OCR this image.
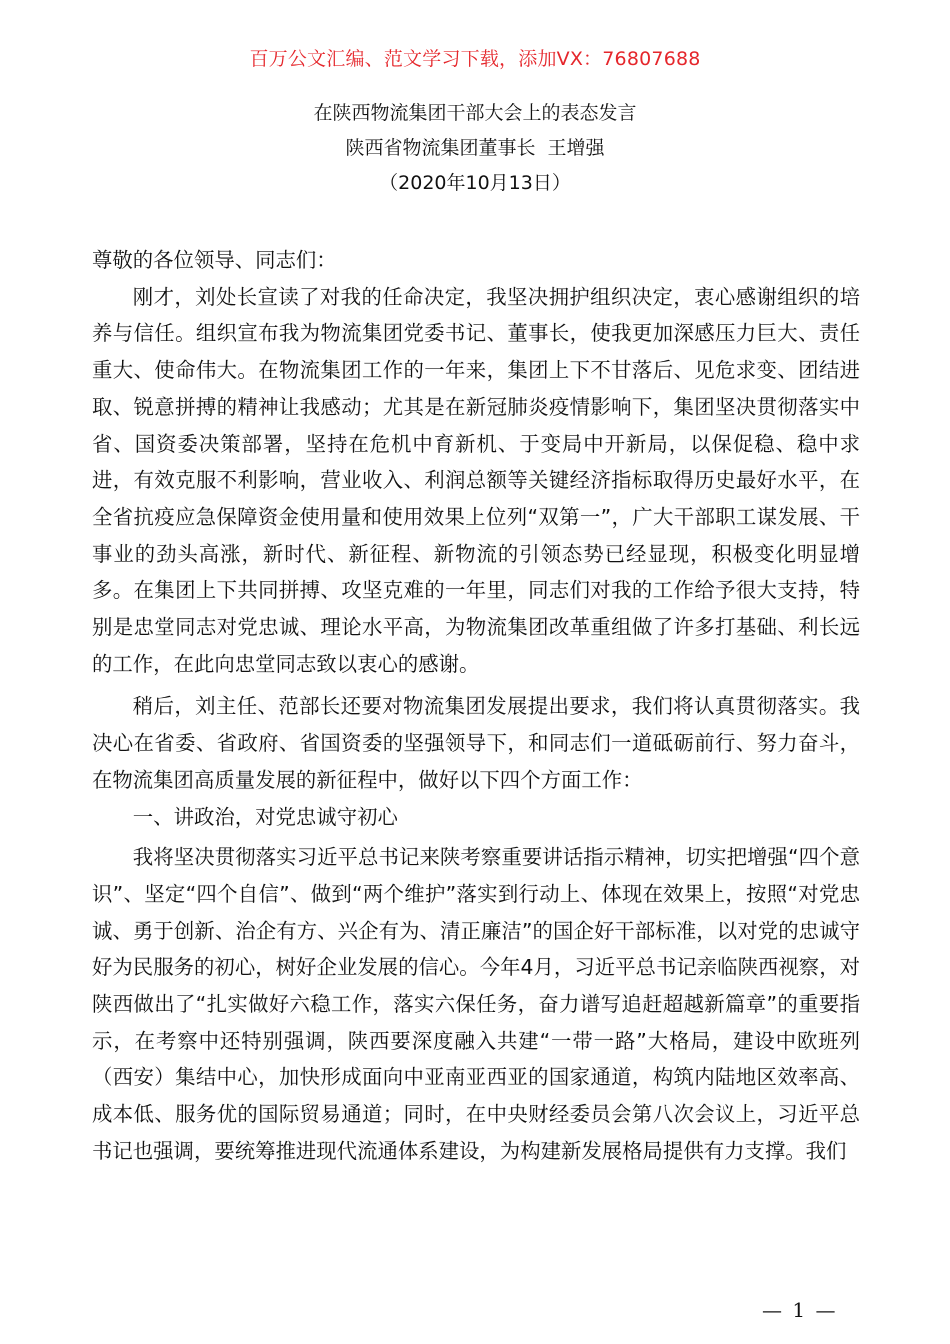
百万公文汇编、范文学习下载，添加VX：76807688
在陕西物流集团干部大会上的表态发言
陕西省物流集团董事长  王增强
（2020年10月13日）

尊敬的各位领导、同志们：

刚才，刘处长宣读了对我的任命决定，我坚决拥护组织决定，衷心感谢组织的培养与信任。组织宣布我为物流集团党委书记、董事长，使我更加深感压力巨大、责任重大、使命伟大。在物流集团工作的一年来，集团上下不甘落后、见危求变、团结进取、锐意拼搏的精神让我感动；尤其是在新冠肺炎疫情影响下，集团坚决贯彻落实中省、国资委决策部署，坚持在危机中育新机、于变局中开新局，以保促稳、稳中求进，有效克服不利影响，营业收入、利润总额等关键经济指标取得历史最好水平，在全省抗疫应急保障资金使用量和使用效果上位列“双第一”，广大干部职工谋发展、干事业的劲头高涨，新时代、新征程、新物流的引领态势已经显现，积极变化明显增多。在集团上下共同拼搏、攻坚克难的一年里，同志们对我的工作给予很大支持，特别是忠堂同志对党忠诚、理论水平高，为物流集团改革重组做了许多打基础、利长远的工作，在此向忠堂同志致以衷心的感谢。

稍后，刘主任、范部长还要对物流集团发展提出要求，我们将认真贯彻落实。我决心在省委、省政府、省国资委的坚强领导下，和同志们一道砥砺前行、努力奋斗，在物流集团高质量发展的新征程中，做好以下四个方面工作：

一、讲政治，对党忠诚守初心

我将坚决贯彻落实习近平总书记来陕考察重要讲话指示精神，切实把增强“四个意识”、坚定“四个自信”、做到“两个维护”落实到行动上、体现在效果上，按照“对党忠诚、勇于创新、治企有方、兴企有为、清正廉洁”的国企好干部标准，以对党的忠诚守好为民服务的初心，树好企业发展的信心。今年4月，习近平总书记亲临陕西视察，对陕西做出了“扎实做好六稳工作，落实六保任务，奋力谱写追赶超越新篇章”的重要指示，在考察中还特别强调，陕西要深度融入共建“一带一路”大格局，建设中欧班列（西安）集结中心，加快形成面向中亚南亚西亚的国家通道，构筑内陆地区效率高、成本低、服务优的国际贸易通道；同时，在中央财经委员会第八次会议上，习近平总书记也强调，要统筹推进现代流通体系建设，为构建新发展格局提供有力支撑。我们

— 1 —
